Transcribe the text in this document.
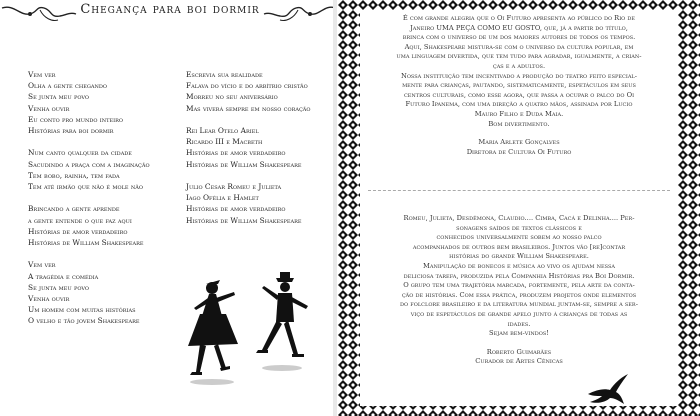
Chegança para boi dormir
Vem ver
Olha a gente chegando
Se junta meu povo
Venha ouvir
Eu conto pro mundo inteiro
Histórias para boi dormir
Num canto qualquer da cidade
Sacudindo a praça com a imaginação
Tem bobo, rainha, tem fada
Tem até irmão que não é mole não
Brincando a gente aprende
a gente entende o que faz aqui
Histórias de amor verdadeiro
Histórias de William Shakespeare
Vem ver
A tragédia e comédia
Se junta meu povo
Venha ouvir
Um homem com muitas histórias
O velho e tão jovem Shakespeare
Escrevia sua realidade
Falava do vício e do arbítrio cristão
Morreu no seu aniversário
Mas viverá sempre em nosso coração
Rei Lear Otelo Ariel
Ricardo III e Macbeth
Histórias de amor verdadeiro
Histórias de William Shakespeare
Julio Cesar Romeu e Julieta
Iago Ofélia e Hamlet
Histórias de amor verdadeiro
Histórias de William Shakespeare
É com grande alegria que o Oi Futuro apresenta ao público do Rio de
Janeiro UMA PEÇA COMO EU GOSTO, que, já a partir do título,
brinca com o universo de um dos maiores autores de todos os tempos.
Aqui, Shakespeare mistura-se com o universo da cultura popular, em
uma linguagem divertida, que tem tudo para agradar, igualmente, a crian-
ças e a adultos.
Nossa instituição tem incentivado a produção do teatro feito especial-
mente para crianças, pautando, sistematicamente, espetáculos em seus
centros culturais, como esse agora, que passa a ocupar o palco do Oi
Futuro Ipanema, com uma direção a quatro mãos, assinada por Lucio
Mauro Filho e Duda Maia.
Bom divertimento.
Maria Arlete Gonçalves
Diretora de Cultura Oi Futuro
Romeu, Julieta, Desdêmona, Claudio.... Cimba, Cacá e Delinha.... Per-
sonagens saídos de textos clássicos e
conhecidos universalmente sobem ao nosso palco
acompanhados de outros bem brasileiros. Juntos vão [re]contar
histórias do grande William Shakespeare.
Manipulação de bonecos e música ao vivo os ajudam nessa
deliciosa tarefa, produzida pela Companhia Histórias pra Boi Dormir.
O grupo tem uma trajetória marcada, fortemente, pela arte da conta-
ção de histórias. Com essa prática, produzem projetos onde elementos
do folclore brasileiro e da literatura mundial juntam-se, sempre a ser-
viço de espetáculos de grande apelo junto à crianças de todas as
idades.
Sejam bem-vindos!
Roberto Guimarães
Curador de Artes Cênicas
